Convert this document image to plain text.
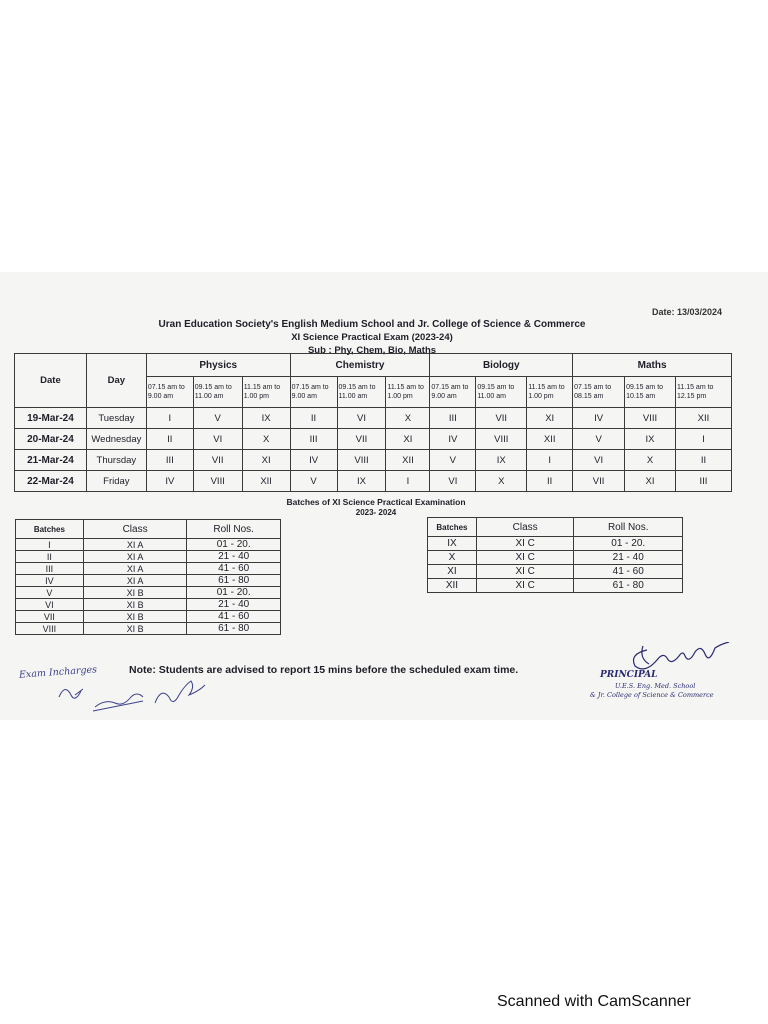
Date: 13/03/2024
Uran Education Society's English Medium School and Jr. College of Science & Commerce
XI Science Practical Exam (2023-24)
Sub : Phy, Chem, Bio, Maths
Date	Day	Physics			Chemistry			Biology			Maths		
		07.15 am to 9.00 am	09.15 am to 11.00 am	11.15 am to 1.00 pm	07.15 am to 9.00 am	09.15 am to 11.00 am	11.15 am to 1.00 pm	07.15 am to 9.00 am	09.15 am to 11.00 am	11.15 am to 1.00 pm	07.15 am to 08.15 am	09.15 am to 10.15 am	11.15 am to 12.15 pm
19-Mar-24	Tuesday	I	V	IX	II	VI	X	III	VII	XI	IV	VIII	XII
20-Mar-24	Wednesday	II	VI	X	III	VII	XI	IV	VIII	XII	V	IX	I
21-Mar-24	Thursday	III	VII	XI	IV	VIII	XII	V	IX	I	VI	X	II
22-Mar-24	Friday	IV	VIII	XII	V	IX	I	VI	X	II	VII	XI	III
Batches of XI Science Practical Examination
2023- 2024
Batches	Class	Roll Nos.
I	XI A	01 - 20.
II	XI A	21 - 40
III	XI A	41 - 60
IV	XI A	61 - 80
V	XI B	01 - 20.
VI	XI B	21 - 40
VII	XI B	41 - 60
VIII	XI B	61 - 80
Batches	Class	Roll Nos.
IX	XI C	01 - 20.
X	XI C	21 - 40
XI	XI C	41 - 60
XII	XI C	61 - 80
Note: Students are advised to report 15 mins before the scheduled exam time.
Exam Incharges	PRINCIPAL
U.E.S. Eng. Med. School
& Jr. College of Science & Commerce
Scanned with CamScanner
